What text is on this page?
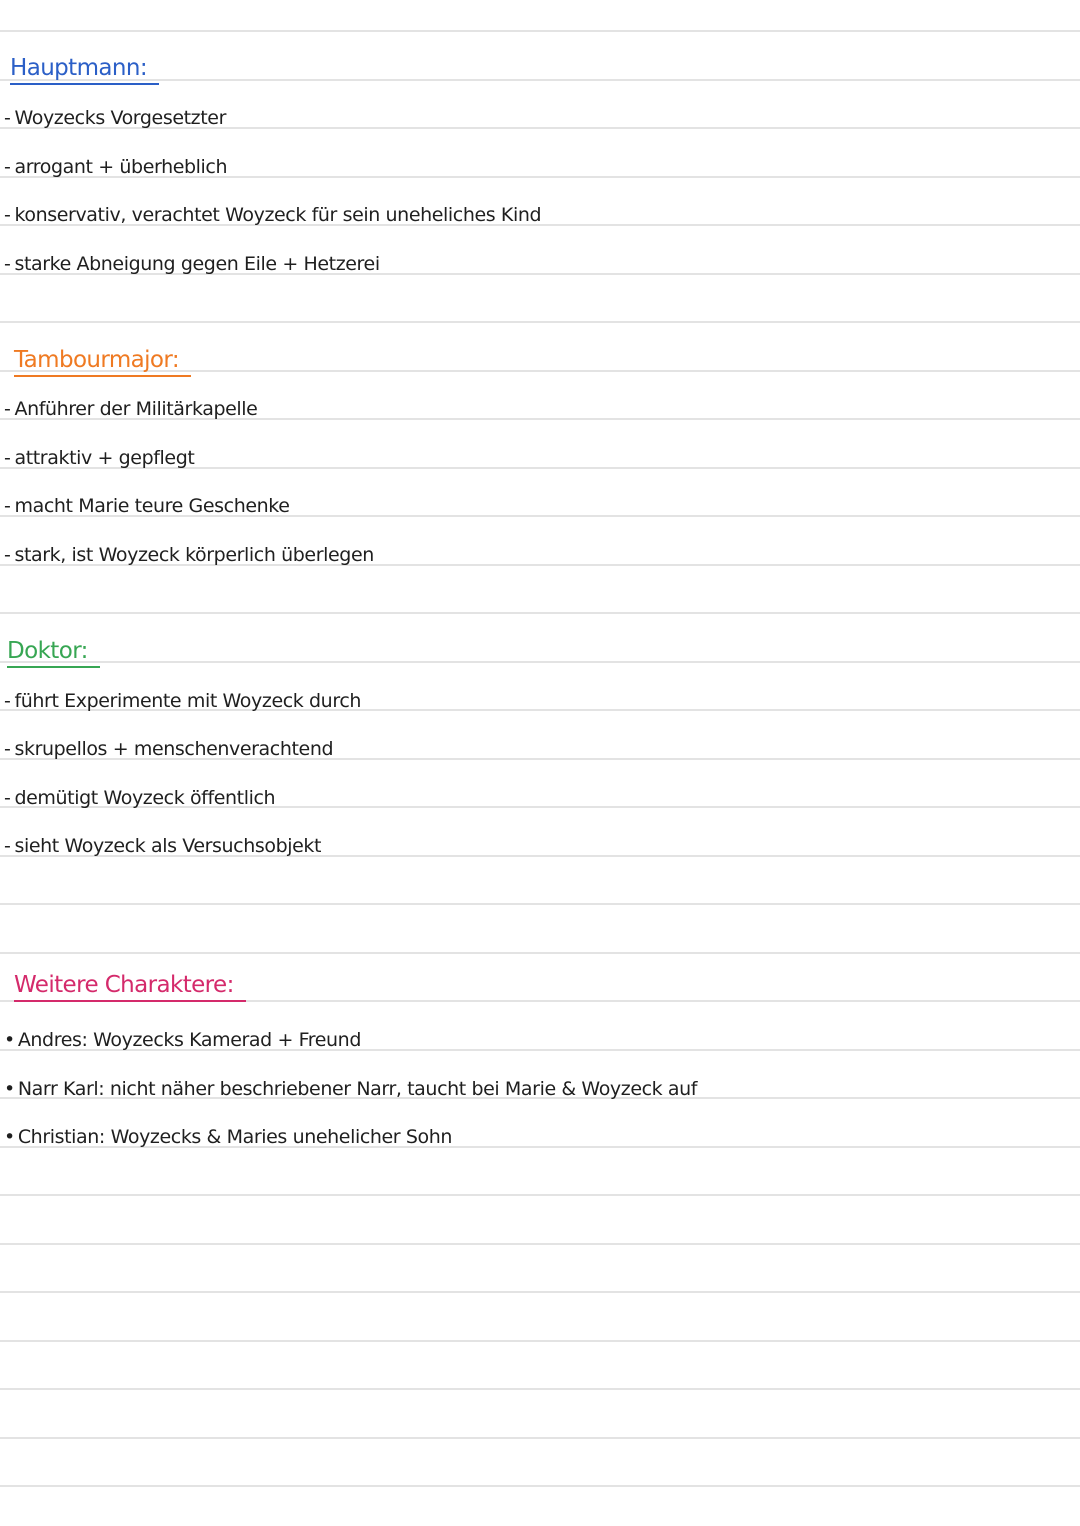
Hauptmann:
- Woyzecks Vorgesetzter
- arrogant + überheblich
- konservativ, verachtet Woyzeck für sein uneheliches Kind
- starke Abneigung gegen Eile + Hetzerei
Tambourmajor:
- Anführer der Militärkapelle
- attraktiv + gepflegt
- macht Marie teure Geschenke
- stark, ist Woyzeck körperlich überlegen
Doktor:
- führt Experimente mit Woyzeck durch
- skrupellos + menschenverachtend
- demütigt Woyzeck öffentlich
- sieht Woyzeck als Versuchsobjekt
Weitere Charaktere:
• Andres: Woyzecks Kamerad + Freund
• Narr Karl: nicht näher beschriebener Narr, taucht bei Marie & Woyzeck auf
• Christian: Woyzecks & Maries unehelicher Sohn
